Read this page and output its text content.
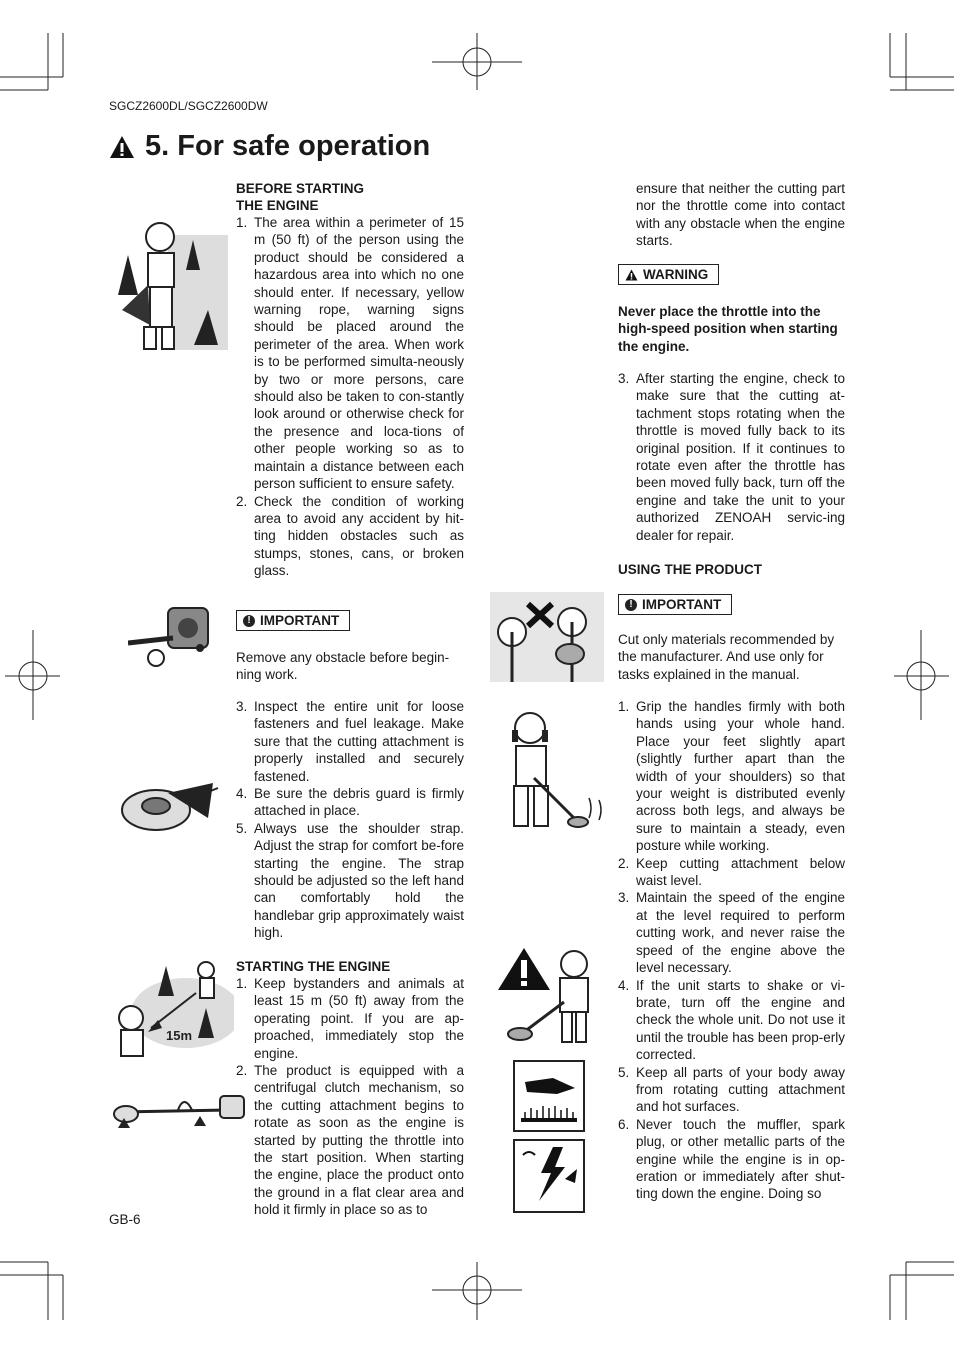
SGCZ2600DL/SGCZ2600DW
5. For safe operation
15m
BEFORE STARTING
THE ENGINE
1. The area within a perimeter of 15 m (50 ft) of the person using the product should be considered a hazardous area into which no one should enter. If necessary, yellow warning rope, warning signs should be placed around the perimeter of the area. When work is to be performed simulta-neously by two or more persons, care should also be taken to con-stantly look around or otherwise check for the presence and loca-tions of other people working so as to maintain a distance between each person sufficient to ensure safety.
2. Check the condition of working area to avoid any accident by hit-ting hidden obstacles such as stumps, stones, cans, or broken glass.
! IMPORTANT

Remove any obstacle before begin-ning work.

3. Inspect the entire unit for loose fasteners and fuel leakage. Make sure that the cutting attachment is properly installed and securely fastened.
4. Be sure the debris guard is firmly attached in place.
5. Always use the shoulder strap. Adjust the strap for comfort be-fore starting the engine. The strap should be adjusted so the left hand can comfortably hold the handlebar grip approximately waist high.
STARTING THE ENGINE
1. Keep bystanders and animals at least 15 m (50 ft) away from the operating point. If you are ap-proached, immediately stop the engine.
2. The product is equipped with a centrifugal clutch mechanism, so the cutting attachment begins to rotate as soon as the engine is started by putting the throttle into the start position. When starting the engine, place the product onto the ground in a flat clear area and hold it firmly in place so as to

ensure that neither the cutting part nor the throttle come into contact with any obstacle when the engine starts.

WARNING

Never place the throttle into the high-speed position when starting the engine.

3. After starting the engine, check to make sure that the cutting at-tachment stops rotating when the throttle is moved fully back to its original position. If it continues to rotate even after the throttle has been moved fully back, turn off the engine and take the unit to your authorized ZENOAH servic-ing dealer for repair.
USING THE PRODUCT
! IMPORTANT

Cut only materials recommended by the manufacturer. And use only for tasks explained in the manual.

1. Grip the handles firmly with both hands using your whole hand. Place your feet slightly apart (slightly further apart than the width of your shoulders) so that your weight is distributed evenly across both legs, and always be sure to maintain a steady, even posture while working.
2. Keep cutting attachment below waist level.
3. Maintain the speed of the engine at the level required to perform cutting work, and never raise the speed of the engine above the level necessary.
4. If the unit starts to shake or vi-brate, turn off the engine and check the whole unit. Do not use it until the trouble has been prop-erly corrected.
5. Keep all parts of your body away from rotating cutting attachment and hot surfaces.
6. Never touch the muffler, spark plug, or other metallic parts of the engine while the engine is in op-eration or immediately after shut-ting down the engine. Doing so
GB-6
